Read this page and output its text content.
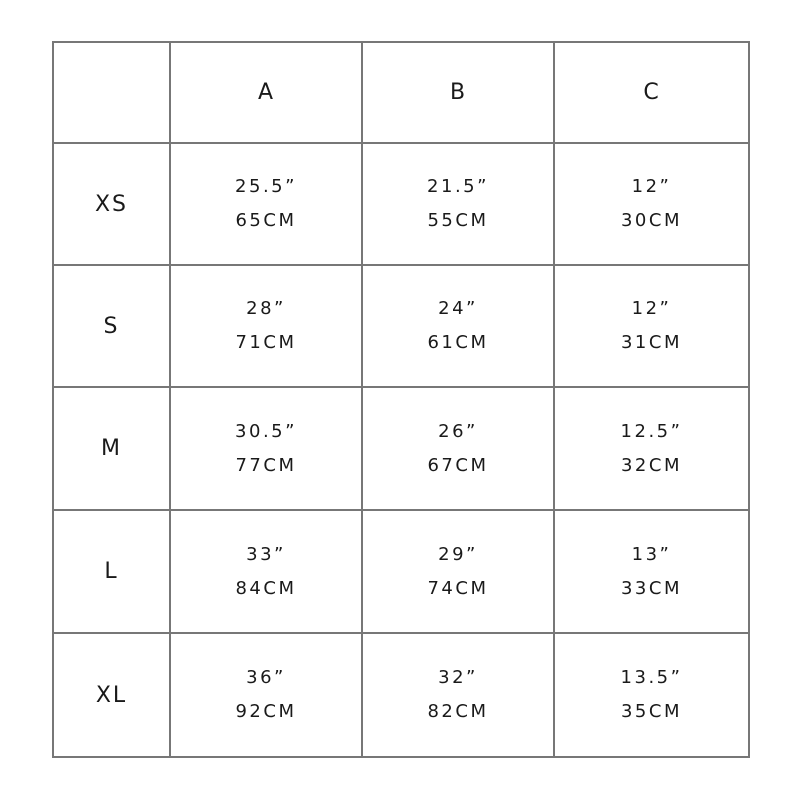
A	B	C
XS
25.5”
65CM
21.5”
55CM
12”
30CM
S
28”
71CM
24”
61CM
12”
31CM
M
30.5”
77CM
26”
67CM
12.5”
32CM
L
33”
84CM
29”
74CM
13”
33CM
XL
36”
92CM
32”
82CM
13.5”
35CM
